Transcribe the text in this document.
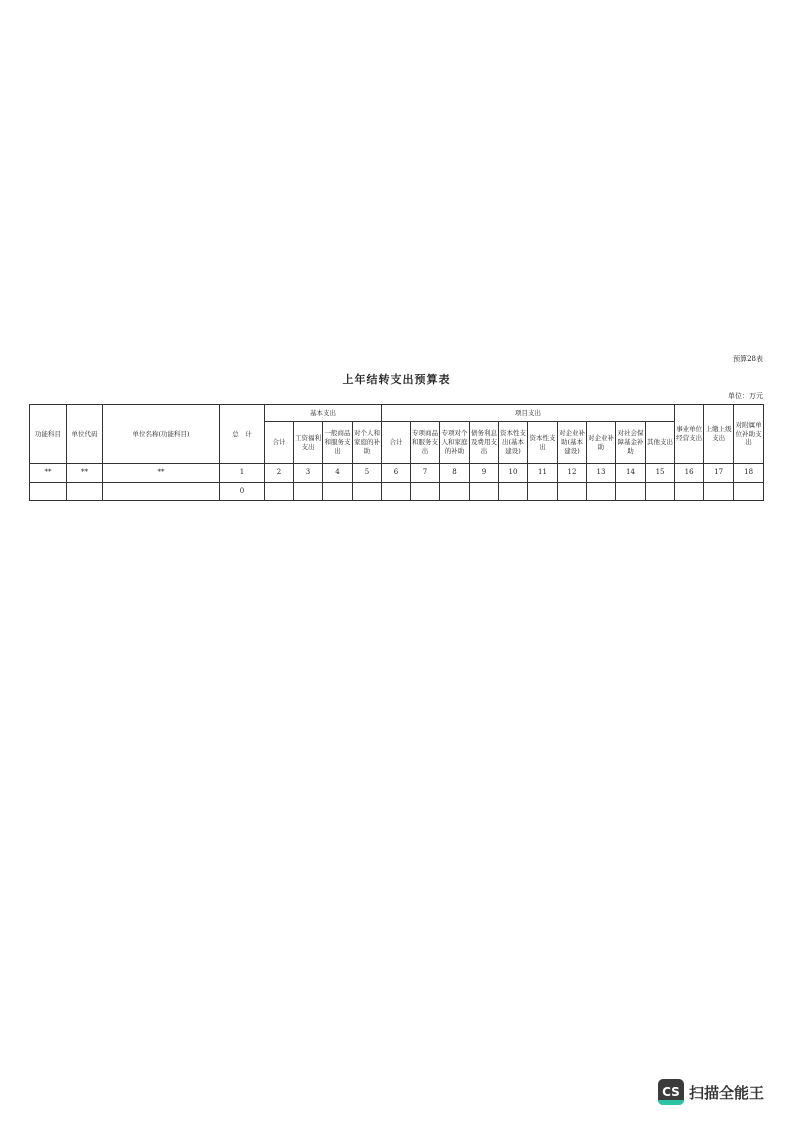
预算28表
上年结转支出预算表
单位：万元
功能科目	单位代码	单位名称(功能科目)	总　计	基本支出				项目支出										事业单位经营支出	上缴上级支出	对附属单位补助支出
				合计	工资福利支出	一般商品和服务支出	对个人和家庭的补助	合计	专项商品和服务支出	专项对个人和家庭的补助	债务利息及费用支出	资本性支出(基本建设)	资本性支出	对企业补助(基本建设)	对企业补助	对社会保障基金补助	其他支出			
**	**	**	1	2	3	4	5	6	7	8	9	10	11	12	13	14	15	16	17	18
			0																	
CS 扫描全能王
